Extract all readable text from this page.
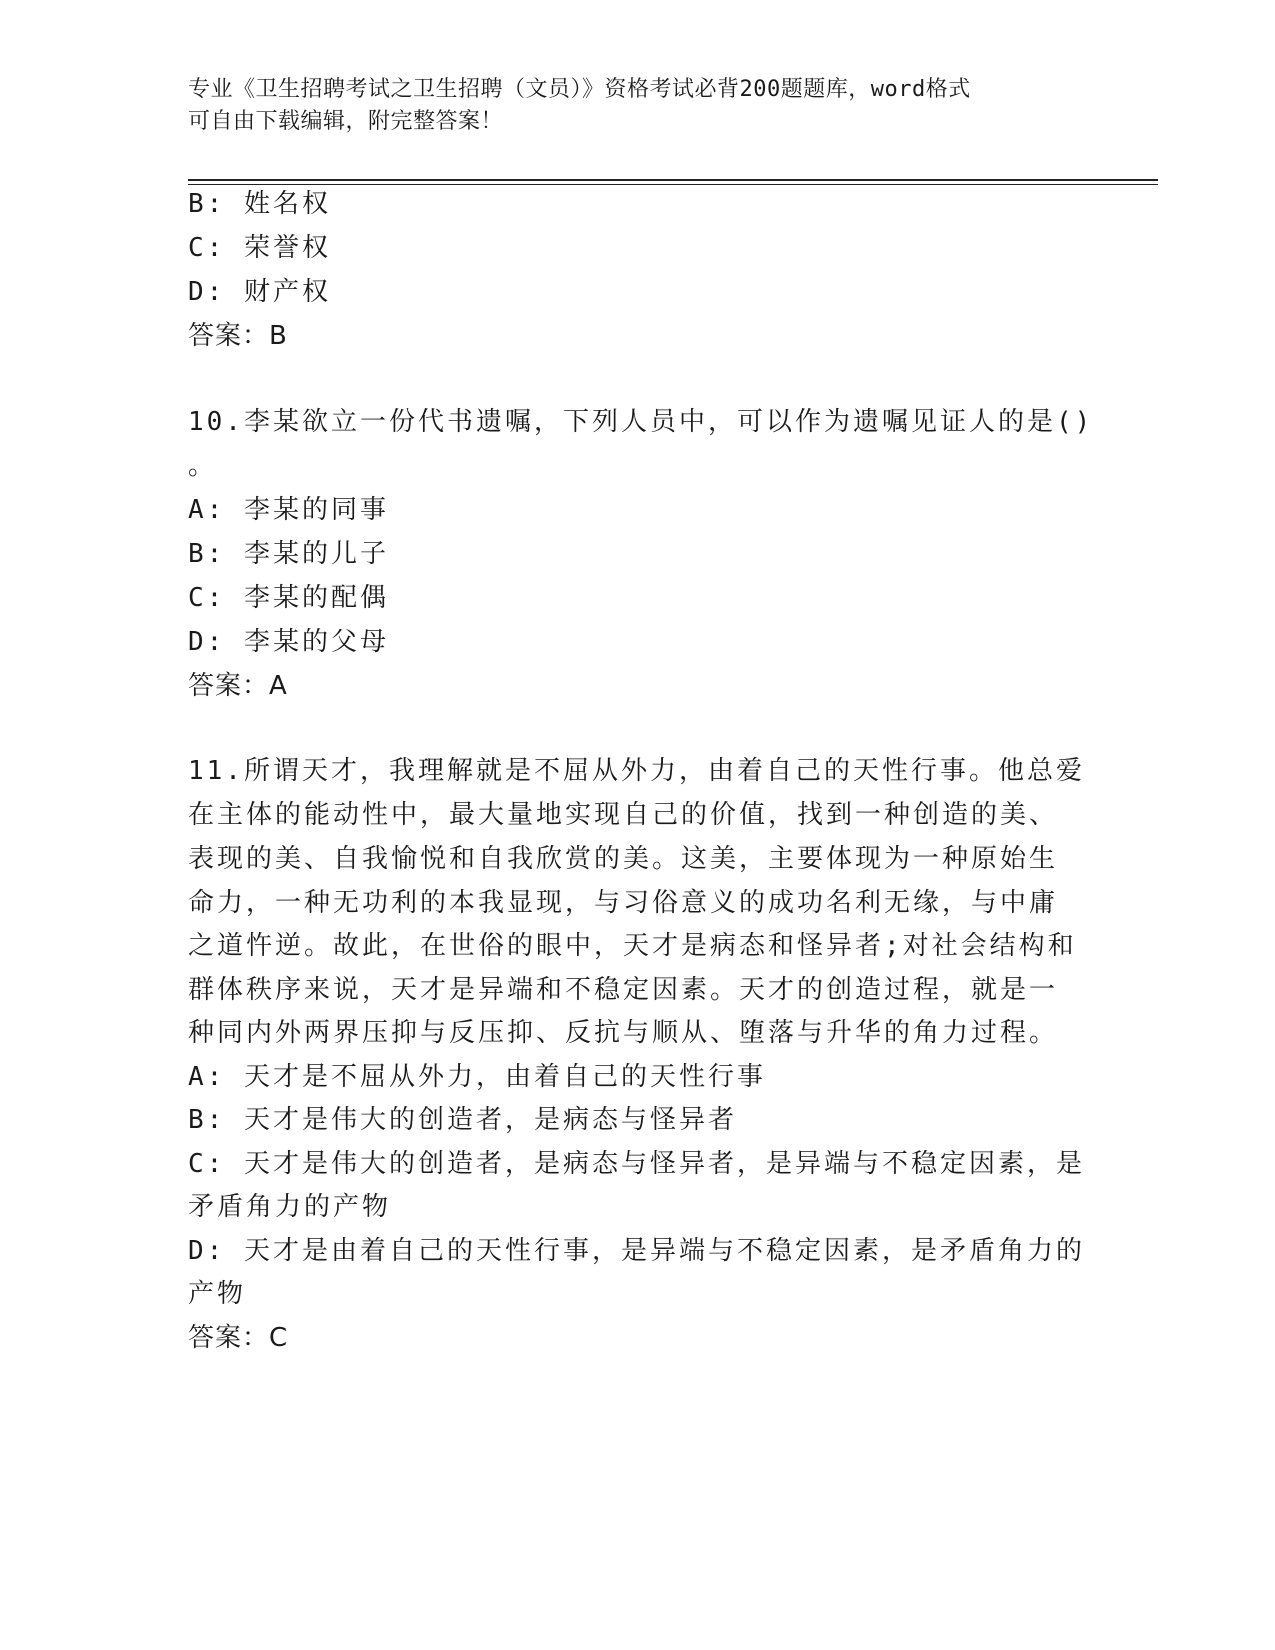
专业《卫生招聘考试之卫生招聘（文员）》资格考试必背200题题库，word格式
可自由下载编辑，附完整答案！
B: 姓名权
C: 荣誉权
D: 财产权
答案：B
10.李某欲立一份代书遗嘱，下列人员中，可以作为遗嘱见证人的是()
。
A: 李某的同事
B: 李某的儿子
C: 李某的配偶
D: 李某的父母
答案：A
11.所谓天才，我理解就是不屈从外力，由着自己的天性行事。他总爱
在主体的能动性中，最大量地实现自己的价值，找到一种创造的美、
表现的美、自我愉悦和自我欣赏的美。这美，主要体现为一种原始生
命力，一种无功利的本我显现，与习俗意义的成功名利无缘，与中庸
之道忤逆。故此，在世俗的眼中，天才是病态和怪异者;对社会结构和
群体秩序来说，天才是异端和不稳定因素。天才的创造过程，就是一
种同内外两界压抑与反压抑、反抗与顺从、堕落与升华的角力过程。
A: 天才是不屈从外力，由着自己的天性行事
B: 天才是伟大的创造者，是病态与怪异者
C: 天才是伟大的创造者，是病态与怪异者，是异端与不稳定因素，是
矛盾角力的产物
D: 天才是由着自己的天性行事，是异端与不稳定因素，是矛盾角力的
产物
答案：C
